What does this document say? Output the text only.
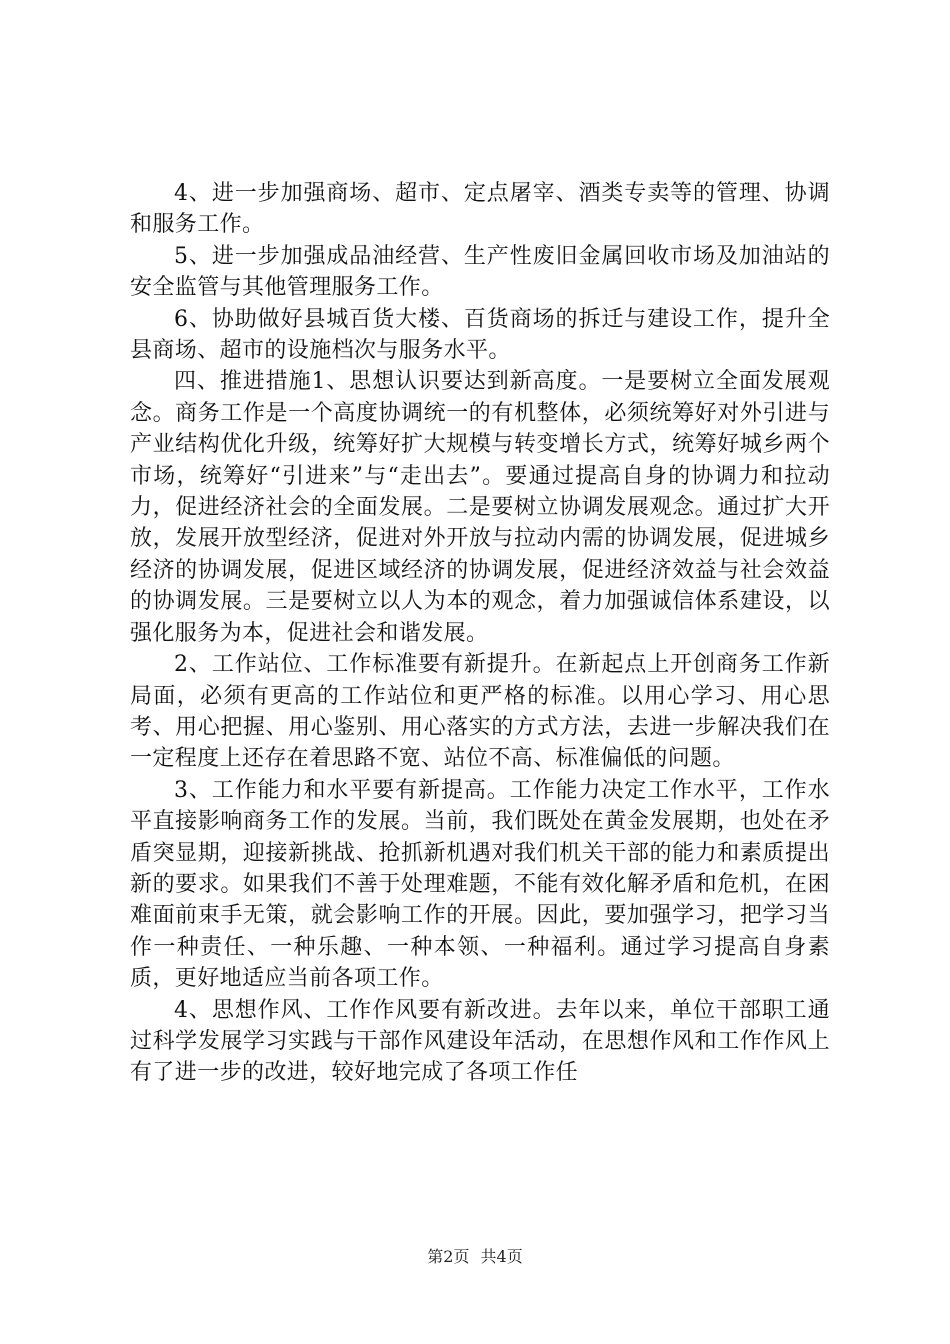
4、进一步加强商场、超市、定点屠宰、酒类专卖等的管理、协调和服务工作。

5、进一步加强成品油经营、生产性废旧金属回收市场及加油站的安全监管与其他管理服务工作。

6、协助做好县城百货大楼、百货商场的拆迁与建设工作，提升全县商场、超市的设施档次与服务水平。

四、推进措施1、思想认识要达到新高度。一是要树立全面发展观念。商务工作是一个高度协调统一的有机整体，必须统筹好对外引进与产业结构优化升级，统筹好扩大规模与转变增长方式，统筹好城乡两个市场，统筹好“引进来”与“走出去”。要通过提高自身的协调力和拉动力，促进经济社会的全面发展。二是要树立协调发展观念。通过扩大开放，发展开放型经济，促进对外开放与拉动内需的协调发展，促进城乡经济的协调发展，促进区域经济的协调发展，促进经济效益与社会效益的协调发展。三是要树立以人为本的观念，着力加强诚信体系建设，以强化服务为本，促进社会和谐发展。

2、工作站位、工作标准要有新提升。在新起点上开创商务工作新局面，必须有更高的工作站位和更严格的标准。以用心学习、用心思考、用心把握、用心鉴别、用心落实的方式方法，去进一步解决我们在一定程度上还存在着思路不宽、站位不高、标准偏低的问题。

3、工作能力和水平要有新提高。工作能力决定工作水平，工作水平直接影响商务工作的发展。当前，我们既处在黄金发展期，也处在矛盾突显期，迎接新挑战、抢抓新机遇对我们机关干部的能力和素质提出新的要求。如果我们不善于处理难题，不能有效化解矛盾和危机，在困难面前束手无策，就会影响工作的开展。因此，要加强学习，把学习当作一种责任、一种乐趣、一种本领、一种福利。通过学习提高自身素质，更好地适应当前各项工作。

4、思想作风、工作作风要有新改进。去年以来，单位干部职工通过科学发展学习实践与干部作风建设年活动，在思想作风和工作作风上有了进一步的改进，较好地完成了各项工作任

第2页 共4页
